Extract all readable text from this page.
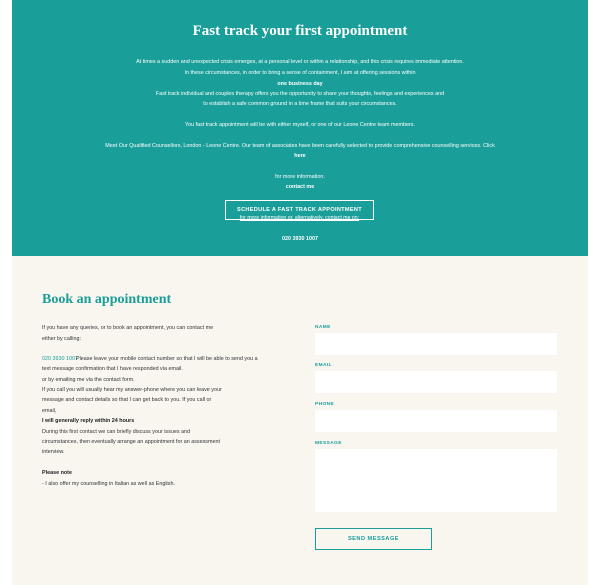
Fast track your first appointment
At times a sudden and unexpected crisis emerges, at a personal level or within a relationship, and this crisis requires immediate attention.
In these circumstances, in order to bring a sense of containment, I aim at offering sessions within
one business day
Fast track individual and couples therapy offers you the opportunity to share your thoughts, feelings and experiences and
to establish a safe common ground in a time frame that suits your circumstances.
You fast track appointment will be with either myself, or one of our Leone Centre team members.
Meet Our Qualified Counsellors, London - Leone Centre. Our team of associates have been carefully selected to provide comprehensive counselling services. Click
here
for more information.
contact me
SCHEDULE A FAST TRACK APPOINTMENT
for more information or, alternatively, contact me on:
020 3930 1007
Book an appointment
If you have any queries, or to book an appointment, you can contact me
either by calling:
020 3930 1007
Please leave your mobile contact number so that I will be able to send you a
text message confirmation that I have responded via email.
or by emailing me via the contact form.
If you call you will usually hear my answer-phone where you can leave your
message and contact details so that I can get back to you. If you call or
email,
I will generally reply within 24 hours
During this first contact we can briefly discuss your issues and
circumstances, then eventually arrange an appointment for an assessment
interview.
Please note
- I also offer my counselling in Italian as well as English.
NAME
EMAIL
PHONE
MESSAGE
SEND MESSAGE
